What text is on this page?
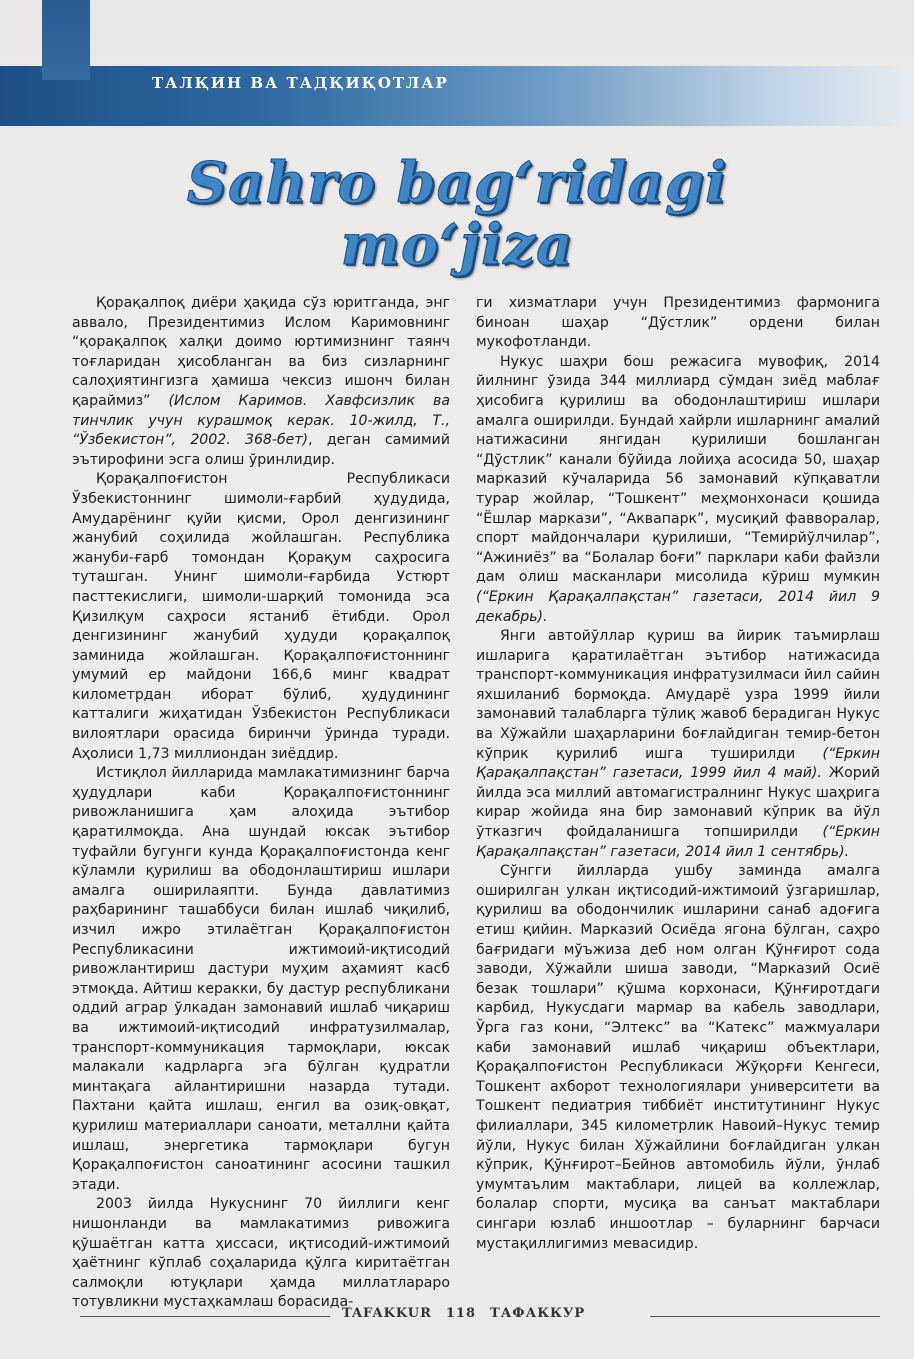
ТАЛҚИН ВА ТАДҚИҚОТЛАР
Sahro bag‘ridagi
mo‘jiza

Қорақалпоқ диёри ҳақида сўз юритганда, энг аввало, Президентимиз Ислом Каримовнинг “қорақалпоқ халқи доимо юртимизнинг таянч тоғларидан ҳисобланган ва биз сизларнинг салоҳиятингизга ҳамиша чексиз ишонч билан қараймиз” (Ислом Каримов. Хавфсизлик ва тинчлик учун курашмоқ керак. 10-жилд, Т., “Ўзбекистон”, 2002. 368-бет), деган самимий эътирофини эсга олиш ўринлидир.

Қорақалпоғистон Республикаси Ўзбекистоннинг шимоли-ғарбий ҳудудида, Амударёнинг қуйи қисми, Орол денгизининг жанубий соҳилида жойлашган. Республика жануби-ғарб томондан Қорақум саҳросига туташган. Унинг шимоли-ғарбида Устюрт пасттекислиги, шимоли-шарқий томонида эса Қизилқум саҳроси ястаниб ётибди. Орол денгизининг жанубий ҳудуди қорақалпоқ заминида жойлашган. Қорақалпоғистоннинг умумий ер майдони 166,6 минг квадрат километрдан иборат бўлиб, ҳудудининг катталиги жиҳатидан Ўзбекистон Республикаси вилоятлари орасида биринчи ўринда туради. Аҳолиси 1,73 миллиондан зиёддир.

Истиқлол йилларида мамлакатимизнинг барча ҳудудлари каби Қорақалпоғистоннинг ривожланишига ҳам алоҳида эътибор қаратилмоқда. Ана шундай юксак эътибор туфайли бугунги кунда Қорақалпоғистонда кенг кўламли қурилиш ва ободонлаштириш ишлари амалга оширилаяпти. Бунда давлатимиз раҳбарининг ташаббуси билан ишлаб чиқилиб, изчил ижро этилаётган Қорақалпоғистон Республикасини ижтимоий-иқтисодий ривожлантириш дастури муҳим аҳамият касб этмоқда. Айтиш керакки, бу дастур республикани оддий аграр ўлкадан замонавий ишлаб чиқариш ва ижтимоий-иқтисодий инфратузилмалар, транспорт-коммуникация тармоқлари, юксак малакали кадрларга эга бўлган қудратли минтақага айлантиришни назарда тутади. Пахтани қайта ишлаш, енгил ва озиқ-овқат, қурилиш материаллари саноати, металлни қайта ишлаш, энергетика тармоқлари бугун Қорақалпоғистон саноатининг асосини ташкил этади.

2003 йилда Нукуснинг 70 йиллиги кенг нишонланди ва мамлакатимиз ривожига қўшаётган катта ҳиссаси, иқтисодий-ижтимоий ҳаётнинг кўплаб соҳаларида қўлга киритаётган салмоқли ютуқлари ҳамда миллатлараро тотувликни мустаҳкамлаш борасида-

ги хизматлари учун Президентимиз фармонига биноан шаҳар “Дўстлик” ордени билан мукофотланди.

Нукус шаҳри бош режасига мувофиқ, 2014 йилнинг ўзида 344 миллиард сўмдан зиёд маблағ ҳисобига қурилиш ва ободонлаштириш ишлари амалга оширилди. Бундай хайрли ишларнинг амалий натижасини янгидан қурилиши бошланган “Дўстлик” канали бўйида лойиҳа асосида 50, шаҳар марказий кўчаларида 56 замонавий кўпқаватли турар жойлар, “Тошкент” меҳмонхонаси қошида “Ёшлар маркази”, “Аквапарк”, мусиқий фавворалар, спорт майдончалари қурилиши, “Темирйўлчилар”, “Ажиниёз” ва “Болалар боғи” парклари каби файзли дам олиш масканлари мисолида кўриш мумкин (“Еркин Қарақалпақстан” газетаси, 2014 йил 9 декабрь).

Янги автойўллар қуриш ва йирик таъмирлаш ишларига қаратилаётган эътибор натижасида транспорт-коммуникация инфратузилмаси йил сайин яхшиланиб бормоқда. Амударё узра 1999 йили замонавий талабларга тўлиқ жавоб берадиган Нукус ва Хўжайли шаҳарларини боғлайдиган темир-бетон кўприк қурилиб ишга туширилди (“Еркин Қарақалпақстан” газетаси, 1999 йил 4 май). Жорий йилда эса миллий автомагистралнинг Нукус шаҳрига кирар жойида яна бир замонавий кўприк ва йўл ўтказгич фойдаланишга топширилди (“Еркин Қарақалпақстан” газетаси, 2014 йил 1 сентябрь).

Сўнгги йилларда ушбу заминда амалга оширилган улкан иқтисодий-ижтимоий ўзгаришлар, қурилиш ва ободончилик ишларини санаб адоғига етиш қийин. Марказий Осиёда ягона бўлган, саҳро бағридаги мўъжиза деб ном олган Қўнғирот сода заводи, Хўжайли шиша заводи, “Марказий Осиё безак тошлари” қўшма корхонаси, Қўнғиротдаги карбид, Нукусдаги мармар ва кабель заводлари, Ўрга газ кони, “Элтекс” ва “Катекс” мажмуалари каби замонавий ишлаб чиқариш объектлари, Қорақалпоғистон Республикаси Жўқорғи Кенгеси, Тошкент ахборот технологиялари университети ва Тошкент педиатрия тиббиёт институтининг Нукус филиаллари, 345 километрлик Навоий–Нукус темир йўли, Нукус билан Хўжайлини боғлайдиган улкан кўприк, Қўнғирот–Бейнов автомобиль йўли, ўнлаб умумтаълим мактаблари, лицей ва коллежлар, болалар спорти, мусиқа ва санъат мактаблари сингари юзлаб иншоотлар – буларнинг барчаси мустақиллигимиз мевасидир.

TAFAKKUR 118 ТАФАККУР
